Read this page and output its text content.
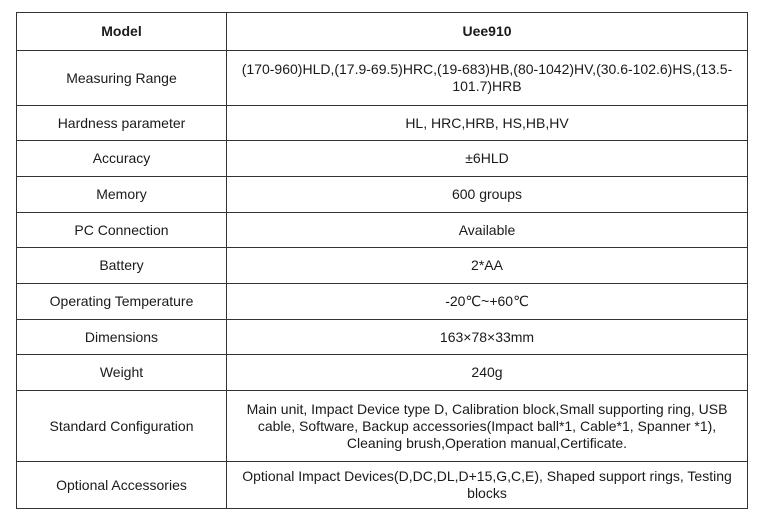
Model	Uee910
Measuring Range	(170-960)HLD,(17.9-69.5)HRC,(19-683)HB,(80-1042)HV,(30.6-102.6)HS,(13.5-101.7)HRB
Hardness parameter	HL, HRC,HRB, HS,HB,HV
Accuracy	±6HLD
Memory	600 groups
PC Connection	Available
Battery	2*AA
Operating Temperature	-20℃~+60℃
Dimensions	163×78×33mm
Weight	240g
Standard Configuration	Main unit, Impact Device type D, Calibration block,Small supporting ring, USB cable, Software, Backup accessories(Impact ball*1, Cable*1, Spanner *1), Cleaning brush,Operation manual,Certificate.
Optional Accessories	Optional Impact Devices(D,DC,DL,D+15,G,C,E), Shaped support rings, Testing blocks
